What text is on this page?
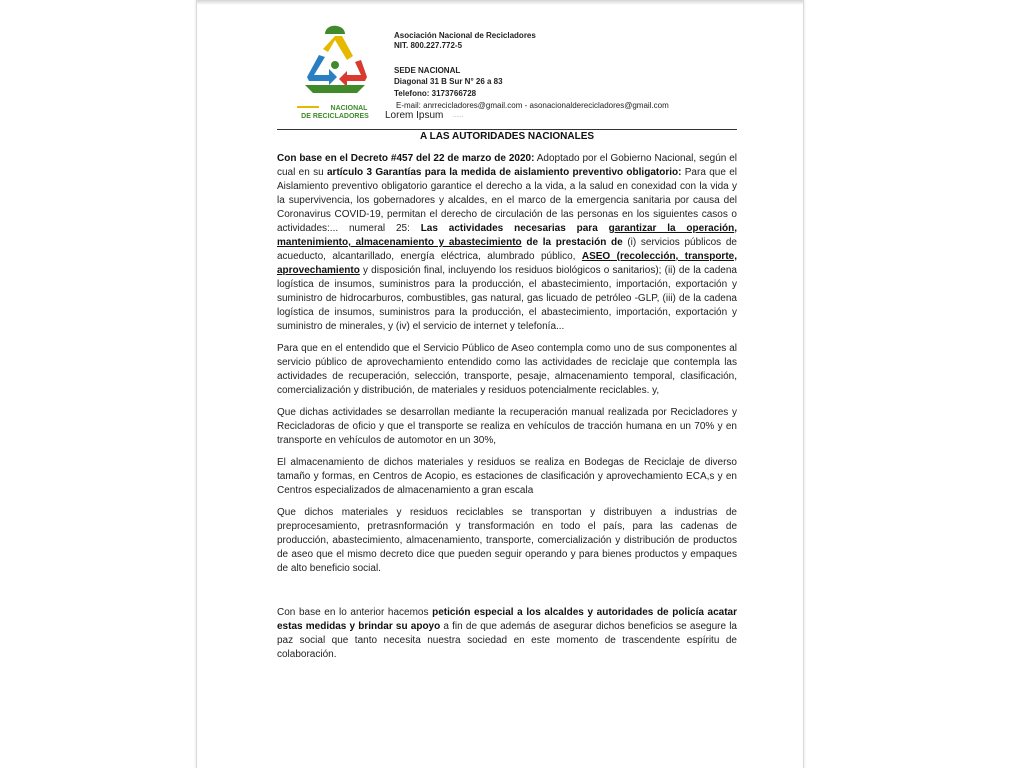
NACIONAL
DE RECICLADORES
Asociación Nacional de Recicladores
NIT. 800.227.772-5
SEDE NACIONAL
Diagonal 31 B Sur N° 26 a 83
Telefono: 3173766728
E-mail: anrrecicladores@gmail.com - asonacionalderecicladores@gmail.com
Lorem Ipsum ......
A LAS AUTORIDADES NACIONALES

Con base en el Decreto #457 del 22 de marzo de 2020: Adoptado por el Gobierno Nacional, según el cual en su artículo 3 Garantías para la medida de aislamiento preventivo obligatorio: Para que el Aislamiento preventivo obligatorio garantice el derecho a la vida, a la salud en conexidad con la vida y la supervivencia, los gobernadores y alcaldes, en el marco de la emergencia sanitaria por causa del Coronavirus COVID-19, permitan el derecho de circulación de las personas en los siguientes casos o actividades:... numeral 25: Las actividades necesarias para garantizar la operación, mantenimiento, almacenamiento y abastecimiento de la prestación de (i) servicios públicos de acueducto, alcantarillado, energía eléctrica, alumbrado público, ASEO (recolección, transporte, aprovechamiento y disposición final, incluyendo los residuos biológicos o sanitarios); (ii) de la cadena logística de insumos, suministros para la producción, el abastecimiento, importación, exportación y suministro de hidrocarburos, combustibles, gas natural, gas licuado de petróleo -GLP, (iii) de la cadena logística de insumos, suministros para la producción, el abastecimiento, importación, exportación y suministro de minerales, y (iv) el servicio de internet y telefonía...

Para que en el entendido que el Servicio Público de Aseo contempla como uno de sus componentes al servicio público de aprovechamiento entendido como las actividades de reciclaje que contempla las actividades de recuperación, selección, transporte, pesaje, almacenamiento temporal, clasificación, comercialización y distribución, de materiales y residuos potencialmente reciclables. y,

Que dichas actividades se desarrollan mediante la recuperación manual realizada por Recicladores y Recicladoras de oficio y que el transporte se realiza en vehículos de tracción humana en un 70% y en transporte en vehículos de automotor en un 30%,

El almacenamiento de dichos materiales y residuos se realiza en Bodegas de Reciclaje de diverso tamaño y formas, en Centros de Acopio, es estaciones de clasificación y aprovechamiento ECA,s y en Centros especializados de almacenamiento a gran escala

Que dichos materiales y residuos reciclables se transportan y distribuyen a industrias de preprocesamiento, pretrasnformación y transformación en todo el país, para las cadenas de producción, abastecimiento, almacenamiento, transporte, comercialización y distribución de productos de aseo que el mismo decreto dice que pueden seguir operando y para bienes productos y empaques de alto beneficio social.

Con base en lo anterior hacemos petición especial a los alcaldes y autoridades de policía acatar estas medidas y brindar su apoyo a fin de que además de asegurar dichos beneficios se asegure la paz social que tanto necesita nuestra sociedad en este momento de trascendente espíritu de colaboración.
